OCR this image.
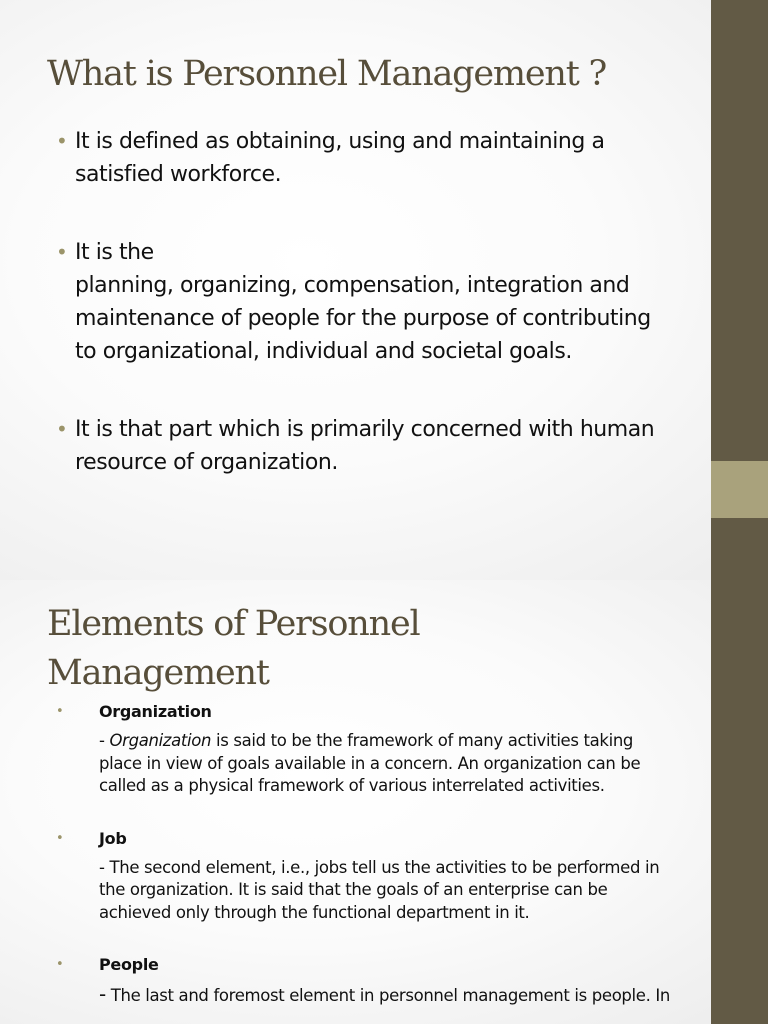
What is Personnel Management ?
• It is defined as obtaining, using and maintaining a
satisfied workforce.
• It is the
planning, organizing, compensation, integration and
maintenance of people for the purpose of contributing
to organizational, individual and societal goals.
• It is that part which is primarily concerned with human
resource of organization.
Elements of Personnel
Management
• Organization
- Organization is said to be the framework of many activities taking
place in view of goals available in a concern. An organization can be
called as a physical framework of various interrelated activities.
• Job
- The second element, i.e., jobs tell us the activities to be performed in
the organization. It is said that the goals of an enterprise can be
achieved only through the functional department in it.
• People
- The last and foremost element in personnel management is people. In
